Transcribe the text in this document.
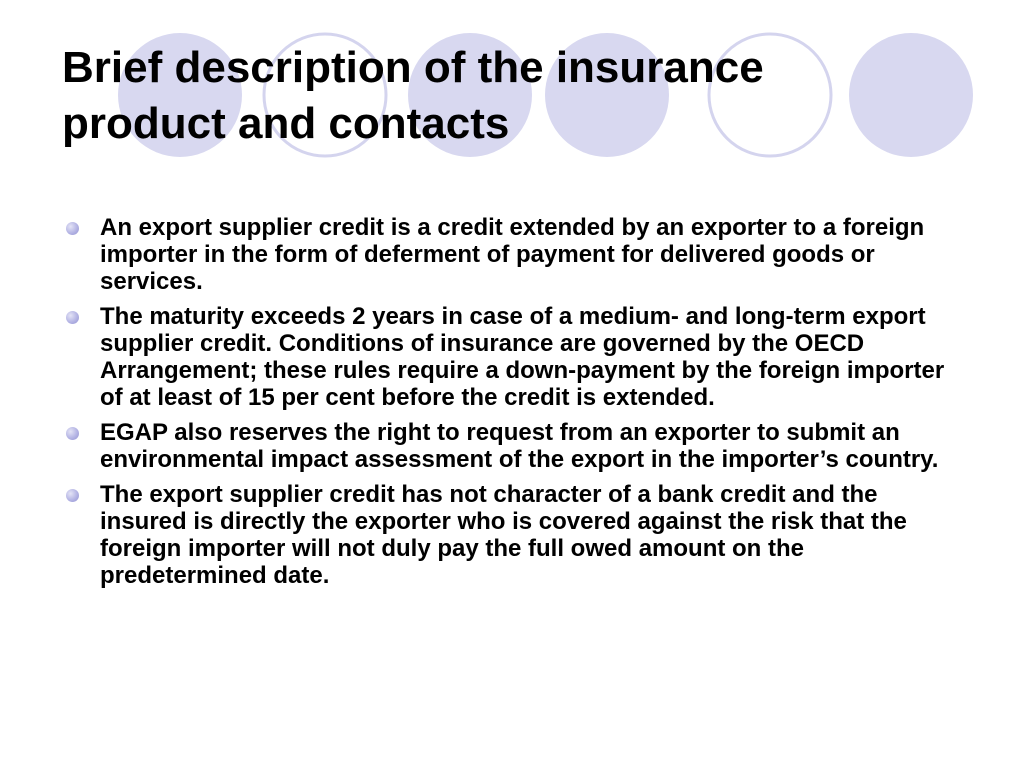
Brief description of the insurance
product and contacts
An export supplier credit is a credit extended by an exporter to a foreign importer in the form of deferment of payment for delivered goods or services.
The maturity exceeds 2 years in case of a medium- and long-term export supplier credit. Conditions of insurance are governed by the OECD Arrangement; these rules require a down-payment by the foreign importer of at least of 15 per cent before the credit is extended.
EGAP also reserves the right to request from an exporter to submit an environmental impact assessment of the export in the importer’s country.
The export supplier credit has not character of a bank credit and the insured is directly the exporter who is covered against the risk that the foreign importer will not duly pay the full owed amount on the predetermined date.
